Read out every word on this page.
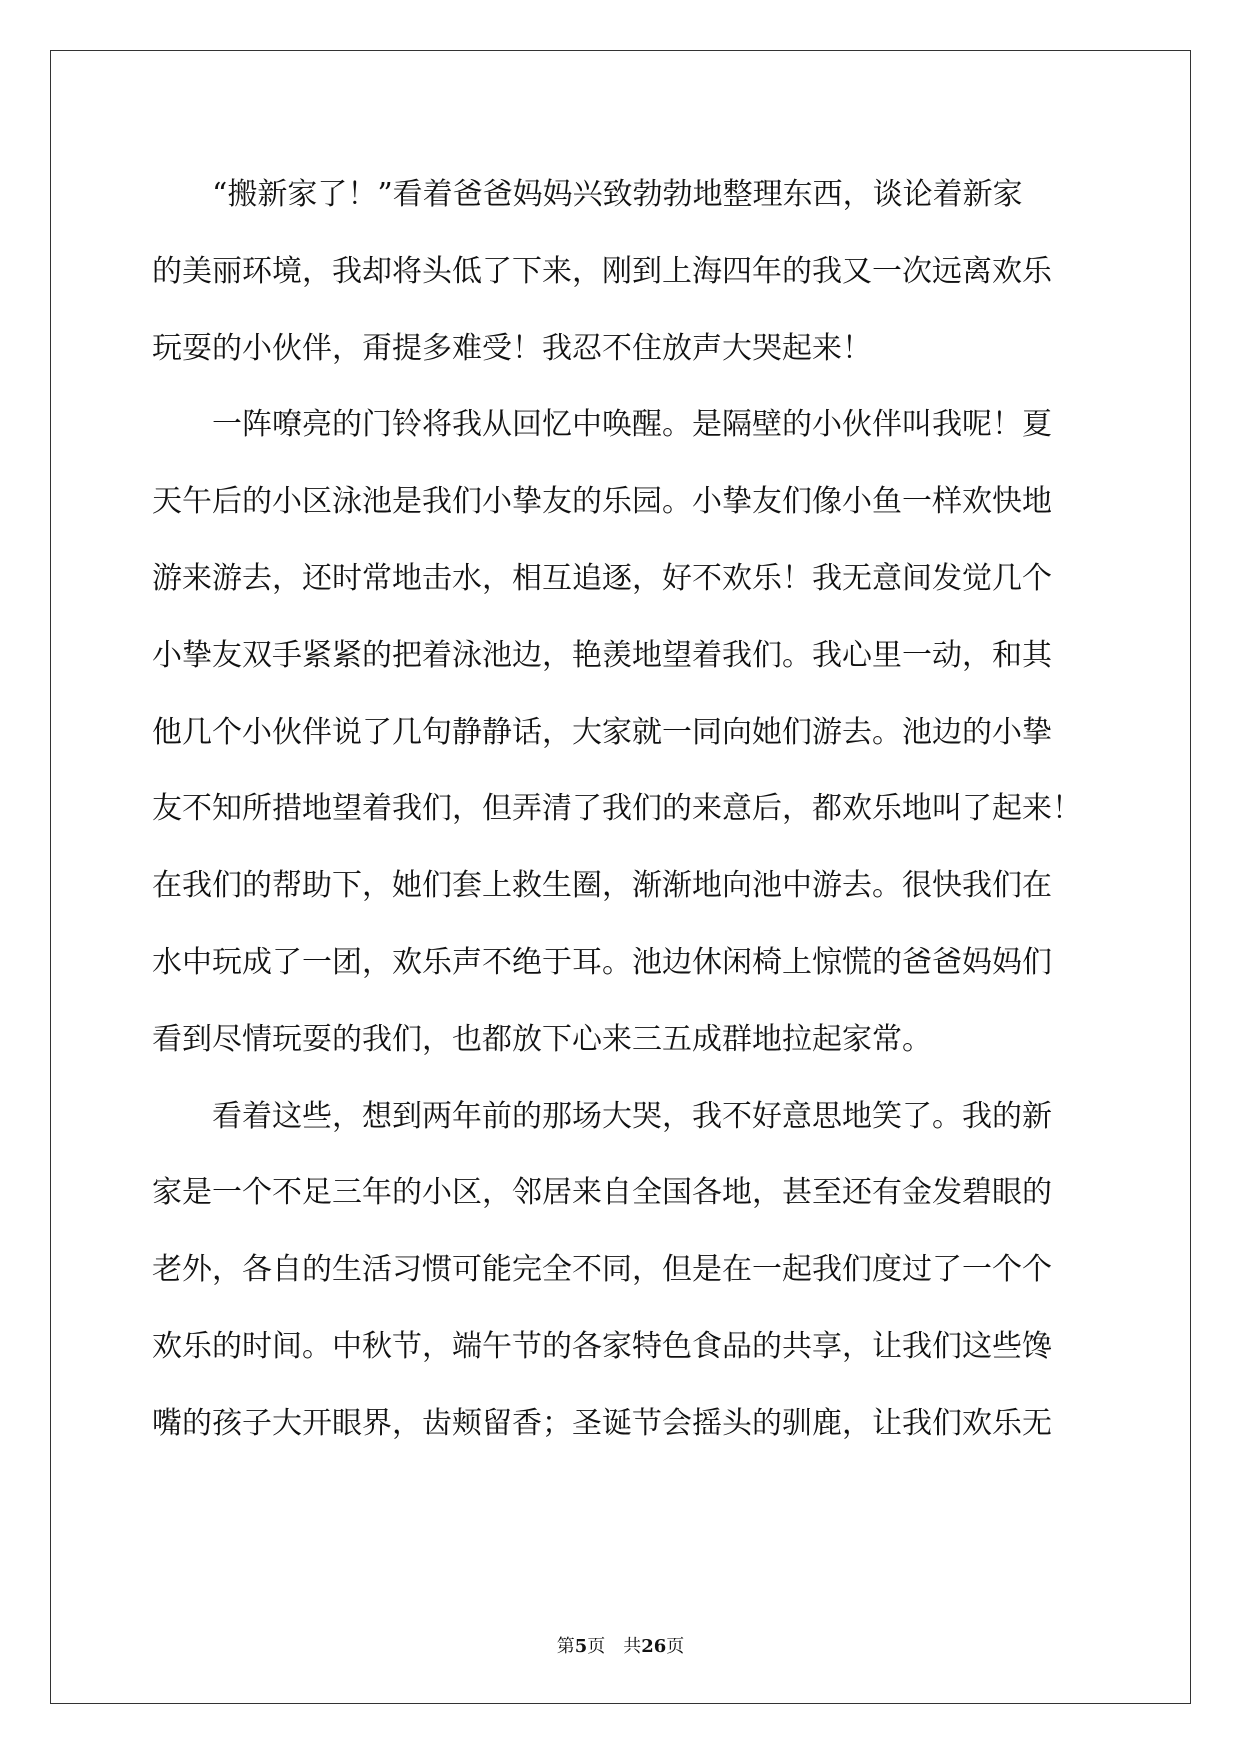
“搬新家了！”看着爸爸妈妈兴致勃勃地整理东西，谈论着新家
的美丽环境，我却将头低了下来，刚到上海四年的我又一次远离欢乐
玩耍的小伙伴，甭提多难受！我忍不住放声大哭起来！
一阵嘹亮的门铃将我从回忆中唤醒。是隔壁的小伙伴叫我呢！夏
天午后的小区泳池是我们小挚友的乐园。小挚友们像小鱼一样欢快地
游来游去，还时常地击水，相互追逐，好不欢乐！我无意间发觉几个
小挚友双手紧紧的把着泳池边，艳羡地望着我们。我心里一动，和其
他几个小伙伴说了几句静静话，大家就一同向她们游去。池边的小挚
友不知所措地望着我们，但弄清了我们的来意后，都欢乐地叫了起来！
在我们的帮助下，她们套上救生圈，渐渐地向池中游去。很快我们在
水中玩成了一团，欢乐声不绝于耳。池边休闲椅上惊慌的爸爸妈妈们
看到尽情玩耍的我们，也都放下心来三五成群地拉起家常。
看着这些，想到两年前的那场大哭，我不好意思地笑了。我的新
家是一个不足三年的小区，邻居来自全国各地，甚至还有金发碧眼的
老外，各自的生活习惯可能完全不同，但是在一起我们度过了一个个
欢乐的时间。中秋节，端午节的各家特色食品的共享，让我们这些馋
嘴的孩子大开眼界，齿颊留香；圣诞节会摇头的驯鹿，让我们欢乐无
第5页 共26页
